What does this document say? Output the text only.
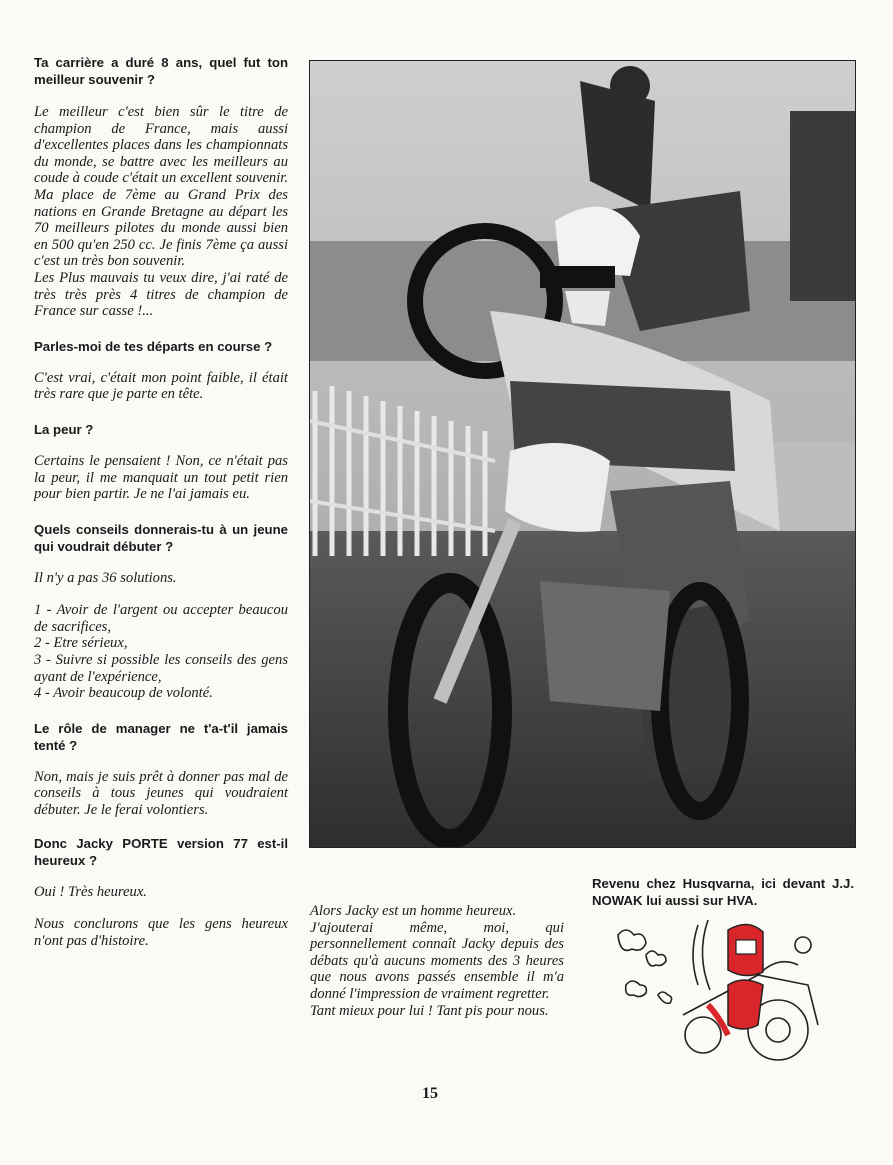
Ta carrière a duré 8 ans, quel fut ton meilleur souvenir ?

Le meilleur c'est bien sûr le titre de champion de France, mais aussi d'excellentes places dans les championnats du monde, se battre avec les meilleurs au coude à coude c'était un excellent souvenir. Ma place de 7ème au Grand Prix des nations en Grande Bretagne au départ les 70 meilleurs pilotes du monde aussi bien en 500 qu'en 250 cc. Je finis 7ème ça aussi c'est un très bon souvenir.

Les Plus mauvais tu veux dire, j'ai raté de très très près 4 titres de champion de France sur casse !...

Parles-moi de tes départs en course ?

C'est vrai, c'était mon point faible, il était très rare que je parte en tête.

La peur ?

Certains le pensaient ! Non, ce n'était pas la peur, il me manquait un tout petit rien pour bien partir. Je ne l'ai jamais eu.

Quels conseils donnerais-tu à un jeune qui voudrait débuter ?

Il n'y a pas 36 solutions.

1 - Avoir de l'argent ou accepter beaucou de sacrifices,

2 - Etre sérieux,

3 - Suivre si possible les conseils des gens ayant de l'expérience,

4 - Avoir beaucoup de volonté.

Le rôle de manager ne t'a-t'il jamais tenté ?

Non, mais je suis prêt à donner pas mal de conseils à tous jeunes qui voudraient débuter. Je le ferai volontiers.

Donc Jacky PORTE version 77 est-il heureux ?

Oui ! Très heureux.

Nous conclurons que les gens heureux n'ont pas d'histoire.

Alors Jacky est un homme heureux.

J'ajouterai même, moi, qui personnellement connaît Jacky depuis des débats qu'à aucuns moments des 3 heures que nous avons passés ensemble il m'a donné l'impression de vraiment regretter.

Tant mieux pour lui ! Tant pis pour nous.

Revenu chez Husqvarna, ici devant J.J. NOWAK lui aussi sur HVA.

15
